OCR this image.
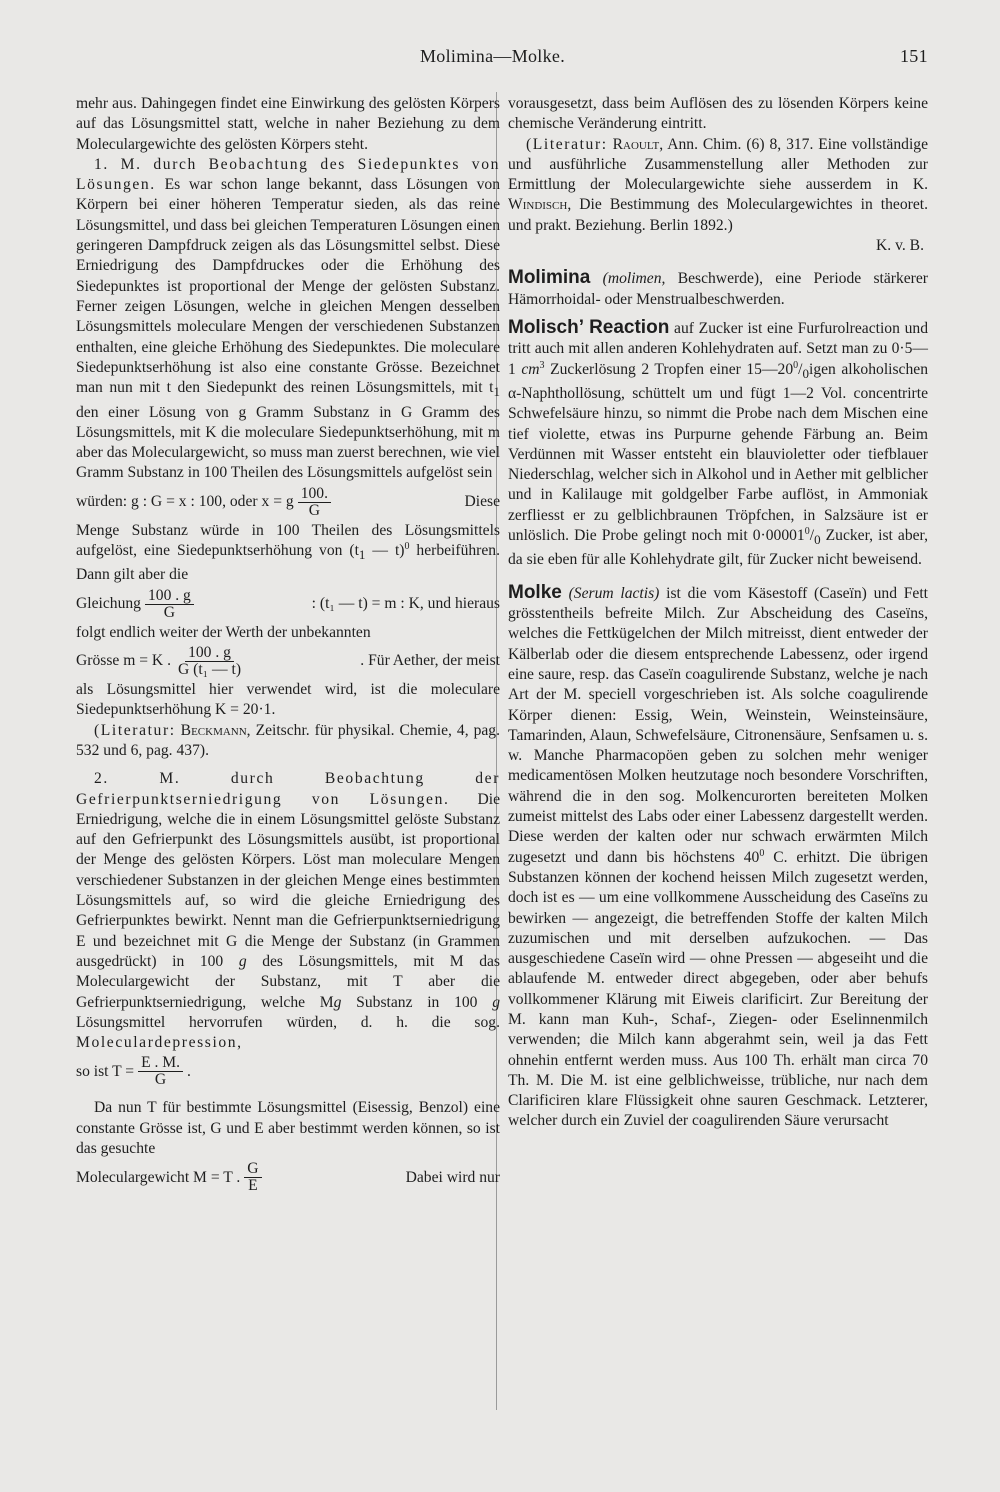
Molimina—Molke.	151

mehr aus. Dahingegen findet eine Einwirkung des gelösten Körpers auf das Lösungsmittel statt, welche in naher Beziehung zu dem Moleculargewichte des gelösten Körpers steht.

1. M. durch Beobachtung des Siedepunktes von Lösungen. Es war schon lange bekannt, dass Lösungen von Körpern bei einer höheren Temperatur sieden, als das reine Lösungsmittel, und dass bei gleichen Temperaturen Lösungen einen geringeren Dampfdruck zeigen als das Lösungsmittel selbst. Diese Erniedrigung des Dampfdruckes oder die Erhöhung des Siedepunktes ist proportional der Menge der gelösten Substanz. Ferner zeigen Lösungen, welche in gleichen Mengen desselben Lösungsmittels moleculare Mengen der verschiedenen Substanzen enthalten, eine gleiche Erhöhung des Siedepunktes. Die moleculare Siedepunktserhöhung ist also eine constante Grösse. Bezeichnet man nun mit t den Siedepunkt des reinen Lösungsmittels, mit $t_1$ den einer Lösung von g Gramm Substanz in G Gramm des Lösungsmittels, mit K die moleculare Siedepunktserhöhung, mit m aber das Moleculargewicht, so muss man zuerst berechnen, wie viel Gramm Substanz in 100 Theilen des Lösungsmittels aufgelöst sein

würden: g : G = x : 100, oder x = g $\frac{100.}{G}$	Diese

Menge Substanz würde in 100 Theilen des Lösungsmittels aufgelöst, eine Siedepunktserhöhung von ($t_1$ — t)$^0$ herbeiführen. Dann gilt aber die

Gleichung $\frac{100 . g}{G}$	: (t₁ — t) = m : K, und hieraus

folgt endlich weiter der Werth der unbekannten

Grösse m = K . $\frac{100 . g}{\text{G (t₁ — t)}}$	. Für Aether, der meist

als Lösungsmittel hier verwendet wird, ist die moleculare Siedepunktserhöhung K = 20·1.

(Literatur: Beckmann, Zeitschr. für physikal. Chemie, 4, pag. 532 und 6, pag. 437).

2. M. durch Beobachtung der Gefrierpunktserniedrigung von Lösungen. Die Erniedrigung, welche die in einem Lösungsmittel gelöste Substanz auf den Gefrierpunkt des Lösungsmittels ausübt, ist proportional der Menge des gelösten Körpers. Löst man moleculare Mengen verschiedener Substanzen in der gleichen Menge eines bestimmten Lösungsmittels auf, so wird die gleiche Erniedrigung des Gefrierpunktes bewirkt. Nennt man die Gefrierpunktserniedrigung E und bezeichnet mit G die Menge der Substanz (in Grammen ausgedrückt) in 100 g des Lösungsmittels, mit M das Moleculargewicht der Substanz, mit T aber die Gefrierpunktserniedrigung, welche Mg Substanz in 100 g Lösungsmittel hervorrufen würden, d. h. die sog. Moleculardepression,

so ist $T = \frac{E . M.}{G}$ .

Da nun T für bestimmte Lösungsmittel (Eisessig, Benzol) eine constante Grösse ist, G und E aber bestimmt werden können, so ist das gesuchte

Moleculargewicht M = T . $\frac{G}{E}$	Dabei wird nur

vorausgesetzt, dass beim Auflösen des zu lösenden Körpers keine chemische Veränderung eintritt.

(Literatur: Raoult, Ann. Chim. (6) 8, 317. Eine vollständige und ausführliche Zusammenstellung aller Methoden zur Ermittlung der Moleculargewichte siehe ausserdem in K. Windisch, Die Bestimmung des Moleculargewichtes in theoret. und prakt. Beziehung. Berlin 1892.)

K. v. B.

Molimina (molimen, Beschwerde), eine Periode stärkerer Hämorrhoidal- oder Menstrualbeschwerden.

Molisch’ Reaction auf Zucker ist eine Furfurolreaction und tritt auch mit allen anderen Kohlehydraten auf. Setzt man zu 0·5—1 $cm^3$ Zuckerlösung 2 Tropfen einer $15—20^0/_0igen$ alkoholischen α-Naphthollösung, schüttelt um und fügt 1—2 Vol. concentrirte Schwefelsäure hinzu, so nimmt die Probe nach dem Mischen eine tief violette, etwas ins Purpurne gehende Färbung an. Beim Verdünnen mit Wasser entsteht ein blauvioletter oder tiefblauer Niederschlag, welcher sich in Alkohol und in Aether mit gelblicher und in Kalilauge mit goldgelber Farbe auflöst, in Ammoniak zerfliesst er zu gelblichbraunen Tröpfchen, in Salzsäure ist er unlöslich. Die Probe gelingt noch mit $0\cdot 00001^0/_0$ Zucker, ist aber, da sie eben für alle Kohlehydrate gilt, für Zucker nicht beweisend.

Molke (Serum lactis) ist die vom Käsestoff (Caseïn) und Fett grösstentheils befreite Milch. Zur Abscheidung des Caseïns, welches die Fettkügelchen der Milch mitreisst, dient entweder der Kälberlab oder die diesem entsprechende Labessenz, oder irgend eine saure, resp. das Caseïn coagulirende Substanz, welche je nach Art der M. speciell vorgeschrieben ist. Als solche coagulirende Körper dienen: Essig, Wein, Weinstein, Weinsteinsäure, Tamarinden, Alaun, Schwefelsäure, Citronensäure, Senfsamen u. s. w. Manche Pharmacopöen geben zu solchen mehr weniger medicamentösen Molken heutzutage noch besondere Vorschriften, während die in den sog. Molkencurorten bereiteten Molken zumeist mittelst des Labs oder einer Labessenz dargestellt werden. Diese werden der kalten oder nur schwach erwärmten Milch zugesetzt und dann bis höchstens $40^0$ C. erhitzt. Die übrigen Substanzen können der kochend heissen Milch zugesetzt werden, doch ist es — um eine vollkommene Ausscheidung des Caseïns zu bewirken — angezeigt, die betreffenden Stoffe der kalten Milch zuzumischen und mit derselben aufzukochen. — Das ausgeschiedene Caseïn wird — ohne Pressen — abgeseiht und die ablaufende M. entweder direct abgegeben, oder aber behufs vollkommener Klärung mit Eiweis clarificirt. Zur Bereitung der M. kann man Kuh-, Schaf-, Ziegen- oder Eselinnenmilch verwenden; die Milch kann abgerahmt sein, weil ja das Fett ohnehin entfernt werden muss. Aus 100 Th. erhält man circa 70 Th. M. Die M. ist eine gelblichweisse, trübliche, nur nach dem Clarificiren klare Flüssigkeit ohne sauren Geschmack. Letzterer, welcher durch ein Zuviel der coagulirenden Säure verursacht
